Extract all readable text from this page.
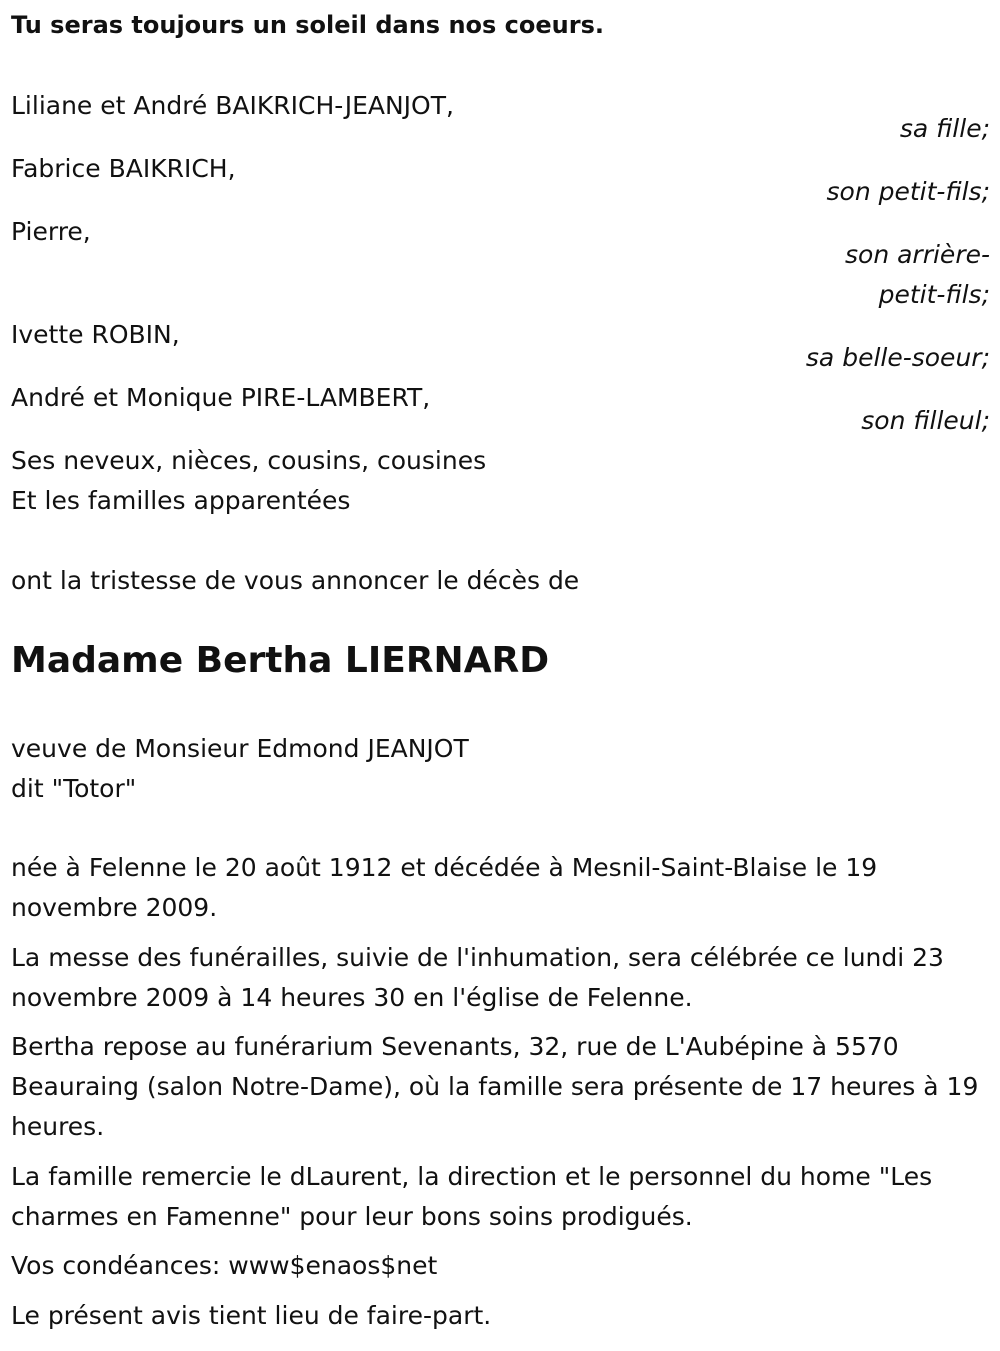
Tu seras toujours un soleil dans nos coeurs.
Liliane et André BAIKRICH-JEANJOT,
sa fille;
Fabrice BAIKRICH,
son petit-fils;
Pierre,
son arrière-
petit-fils;
Ivette ROBIN,
sa belle-soeur;
André et Monique PIRE-LAMBERT,
son filleul;
Ses neveux, nièces, cousins, cousines
Et les familles apparentées
ont la tristesse de vous annoncer le décès de
Madame Bertha LIERNARD
veuve de Monsieur Edmond JEANJOT
dit "Totor"
née à Felenne le 20 août 1912 et décédée à Mesnil-Saint-Blaise le 19 novembre 2009.
La messe des funérailles, suivie de l'inhumation, sera célébrée ce lundi 23 novembre 2009 à 14 heures 30 en l'église de Felenne.
Bertha repose au funérarium Sevenants, 32, rue de L'Aubépine à 5570 Beauraing (salon Notre-Dame), où la famille sera présente de 17 heures à 19 heures.
La famille remercie le dLaurent, la direction et le personnel du home "Les charmes en Famenne" pour leur bons soins prodigués.
Vos condéances: www$enaos$net
Le présent avis tient lieu de faire-part.
